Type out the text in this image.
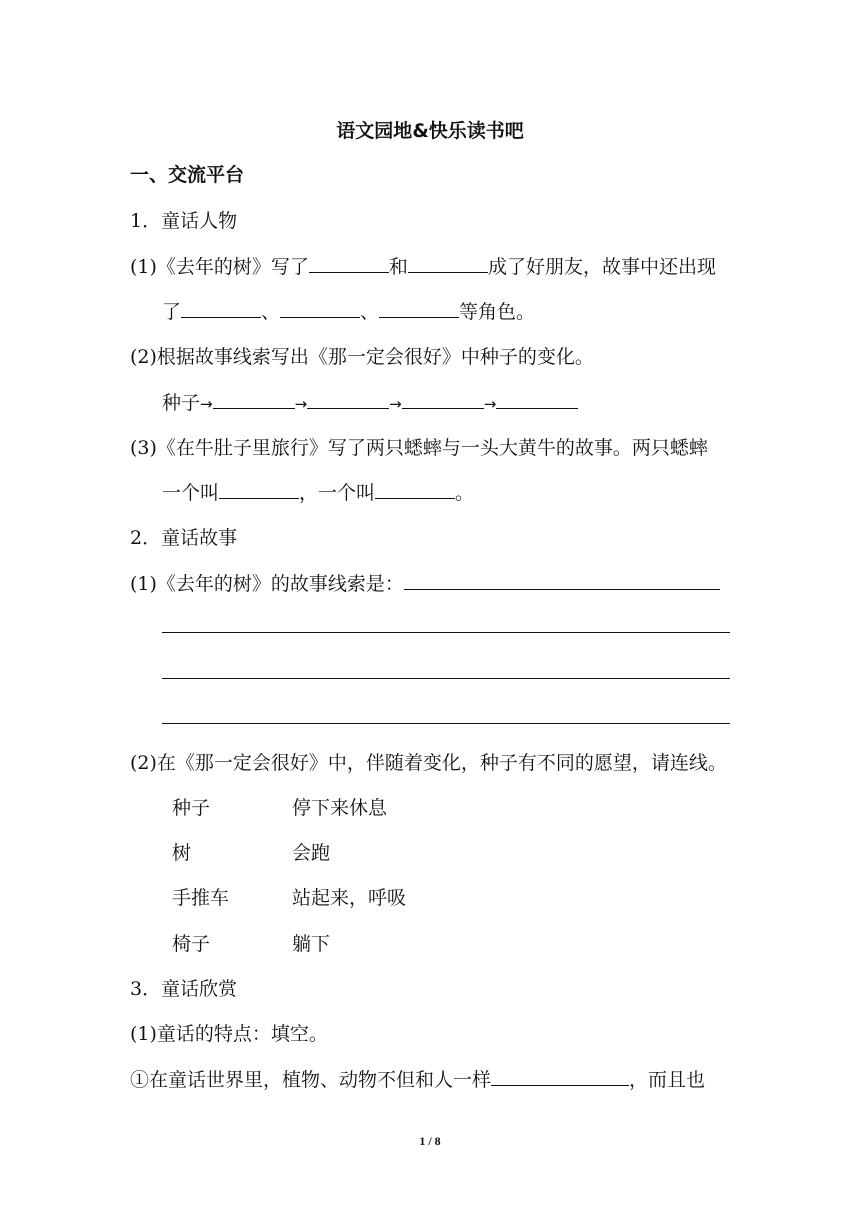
语文园地&快乐读书吧
一、交流平台
1．童话人物
(1)《去年的树》写了	和	成了好朋友，故事中还出现
了	、	、	等角色。
(2)根据故事线索写出《那一定会很好》中种子的变化。
种子→	→	→	→
(3)《在牛肚子里旅行》写了两只蟋蟀与一头大黄牛的故事。两只蟋蟀
一个叫	，一个叫	。
2．童话故事
(1)《去年的树》的故事线索是：
(2)在《那一定会很好》中，伴随着变化，种子有不同的愿望，请连线。
种子	停下来休息
树	会跑
手推车	站起来，呼吸
椅子	躺下
3．童话欣赏
(1)童话的特点：填空。
①在童话世界里，植物、动物不但和人一样	，而且也
1 / 8
